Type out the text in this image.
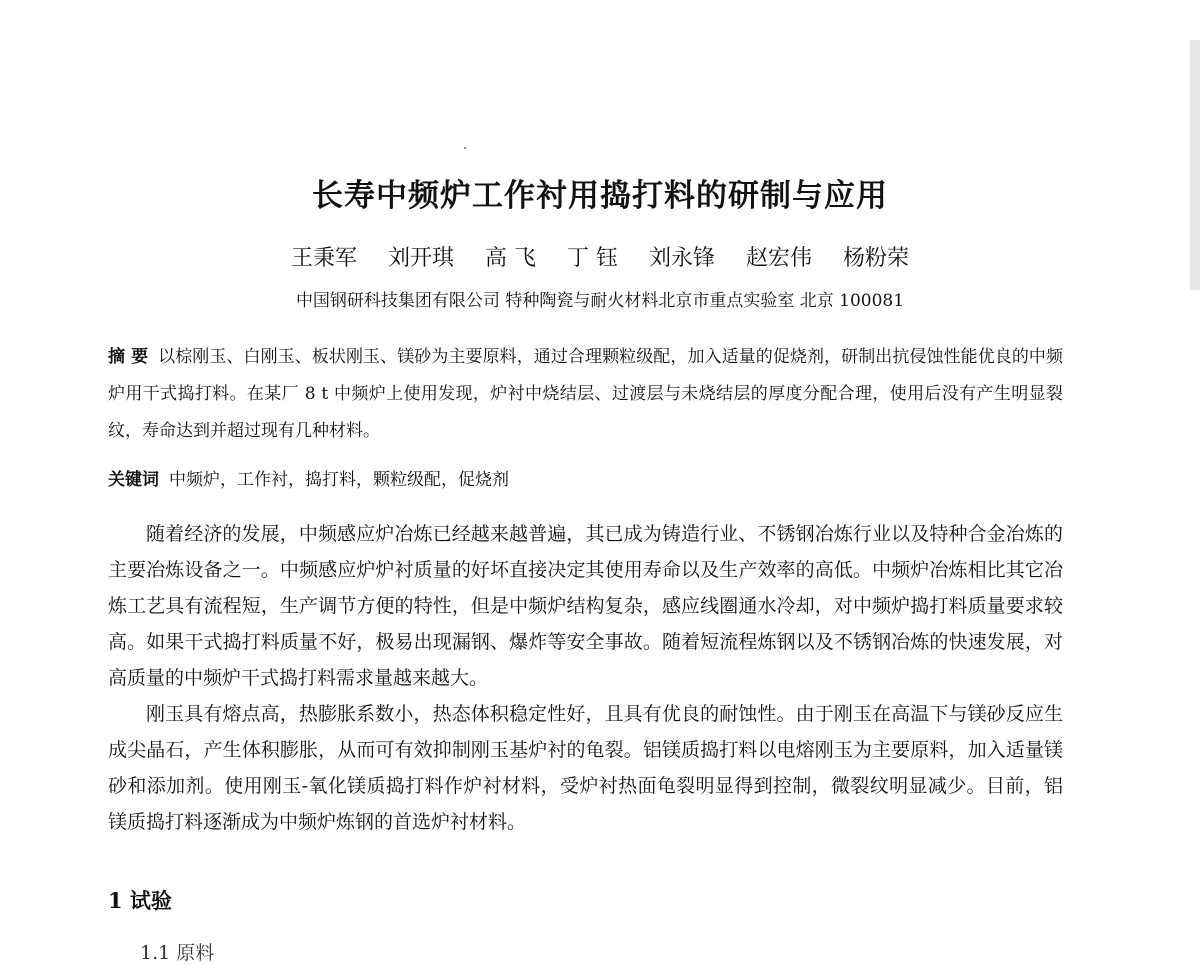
长寿中频炉工作衬用捣打料的研制与应用
王秉军 刘开琪 高 飞 丁 钰 刘永锋 赵宏伟 杨粉荣
中国钢研科技集团有限公司 特种陶瓷与耐火材料北京市重点实验室 北京 100081
摘 要 以棕刚玉、白刚玉、板状刚玉、镁砂为主要原料，通过合理颗粒级配，加入适量的促烧剂，研制出抗侵蚀性能优良的中频炉用干式捣打料。在某厂 8 t 中频炉上使用发现，炉衬中烧结层、过渡层与未烧结层的厚度分配合理，使用后没有产生明显裂纹，寿命达到并超过现有几种材料。
关键词 中频炉，工作衬，捣打料，颗粒级配，促烧剂

随着经济的发展，中频感应炉冶炼已经越来越普遍，其已成为铸造行业、不锈钢冶炼行业以及特种合金冶炼的主要冶炼设备之一。中频感应炉炉衬质量的好坏直接决定其使用寿命以及生产效率的高低。中频炉冶炼相比其它冶炼工艺具有流程短，生产调节方便的特性，但是中频炉结构复杂，感应线圈通水冷却，对中频炉捣打料质量要求较高。如果干式捣打料质量不好，极易出现漏钢、爆炸等安全事故。随着短流程炼钢以及不锈钢冶炼的快速发展，对高质量的中频炉干式捣打料需求量越来越大。

刚玉具有熔点高，热膨胀系数小，热态体积稳定性好，且具有优良的耐蚀性。由于刚玉在高温下与镁砂反应生成尖晶石，产生体积膨胀，从而可有效抑制刚玉基炉衬的龟裂。铝镁质捣打料以电熔刚玉为主要原料，加入适量镁砂和添加剂。使用刚玉-氧化镁质捣打料作炉衬材料，受炉衬热面龟裂明显得到控制，微裂纹明显减少。目前，铝镁质捣打料逐渐成为中频炉炼钢的首选炉衬材料。

1 试验
1.1 原料
